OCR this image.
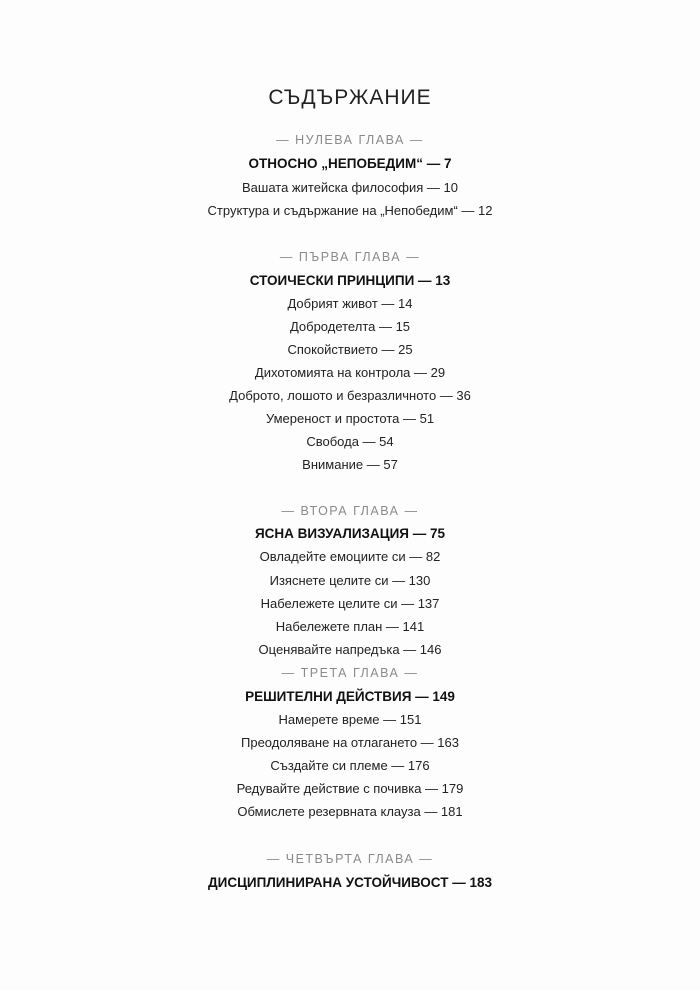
СЪДЪРЖАНИЕ
— НУЛЕВА ГЛАВА —
ОТНОСНО „НЕПОБЕДИМ“ — 7
Вашата житейска философия — 10
Структура и съдържание на „Непобедим“ — 12
— ПЪРВА ГЛАВА —
СТОИЧЕСКИ ПРИНЦИПИ — 13
Добрият живот — 14
Добродетелта — 15
Спокойствието — 25
Дихотомията на контрола — 29
Доброто, лошото и безразличното — 36
Умереност и простота — 51
Свобода — 54
Внимание — 57
— ВТОРА ГЛАВА —
ЯСНА ВИЗУАЛИЗАЦИЯ — 75
Овладейте емоциите си — 82
Изяснете целите си — 130
Набележете целите си — 137
Набележете план — 141
Оценявайте напредъка — 146
— ТРЕТА ГЛАВА —
РЕШИТЕЛНИ ДЕЙСТВИЯ — 149
Намерете време — 151
Преодоляване на отлагането — 163
Създайте си племе — 176
Редувайте действие с почивка — 179
Обмислете резервната клауза — 181
— ЧЕТВЪРТА ГЛАВА —
ДИСЦИПЛИНИРАНА УСТОЙЧИВОСТ — 183
